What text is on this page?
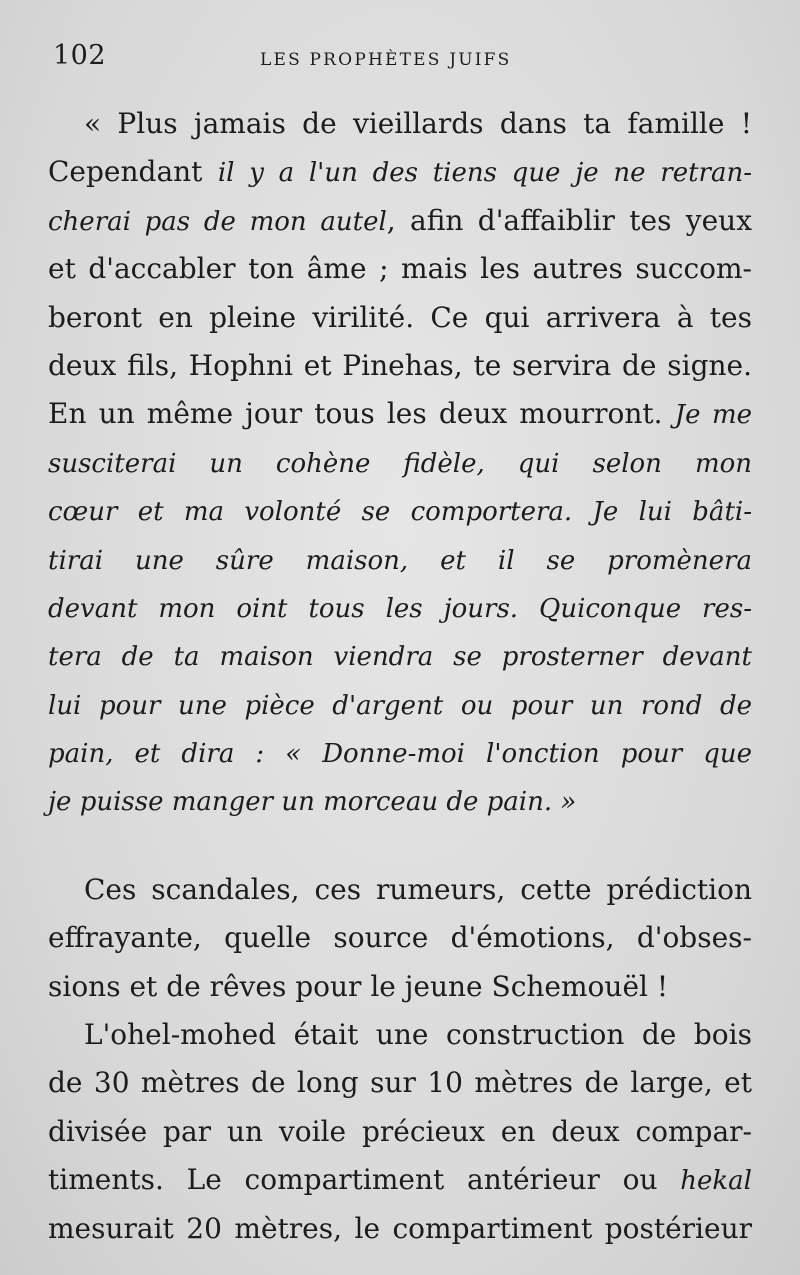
102	LES PROPHÈTES JUIFS
« Plus jamais de vieillards dans ta famille !
Cependant il y a l'un des tiens que je ne retran-
cherai pas de mon autel, afin d'affaiblir tes yeux
et d'accabler ton âme ; mais les autres succom-
beront en pleine virilité. Ce qui arrivera à tes
deux fils, Hophni et Pinehas, te servira de signe.
En un même jour tous les deux mourront. Je me
susciterai un cohène fidèle, qui selon mon
cœur et ma volonté se comportera. Je lui bâti-
tirai une sûre maison, et il se promènera
devant mon oint tous les jours. Quiconque res-
tera de ta maison viendra se prosterner devant
lui pour une pièce d'argent ou pour un rond de
pain, et dira : « Donne-moi l'onction pour que
je puisse manger un morceau de pain. »
Ces scandales, ces rumeurs, cette prédiction
effrayante, quelle source d'émotions, d'obses-
sions et de rêves pour le jeune Schemouël !
L'ohel-mohed était une construction de bois
de 30 mètres de long sur 10 mètres de large, et
divisée par un voile précieux en deux compar-
timents. Le compartiment antérieur ou hekal
mesurait 20 mètres, le compartiment postérieur
